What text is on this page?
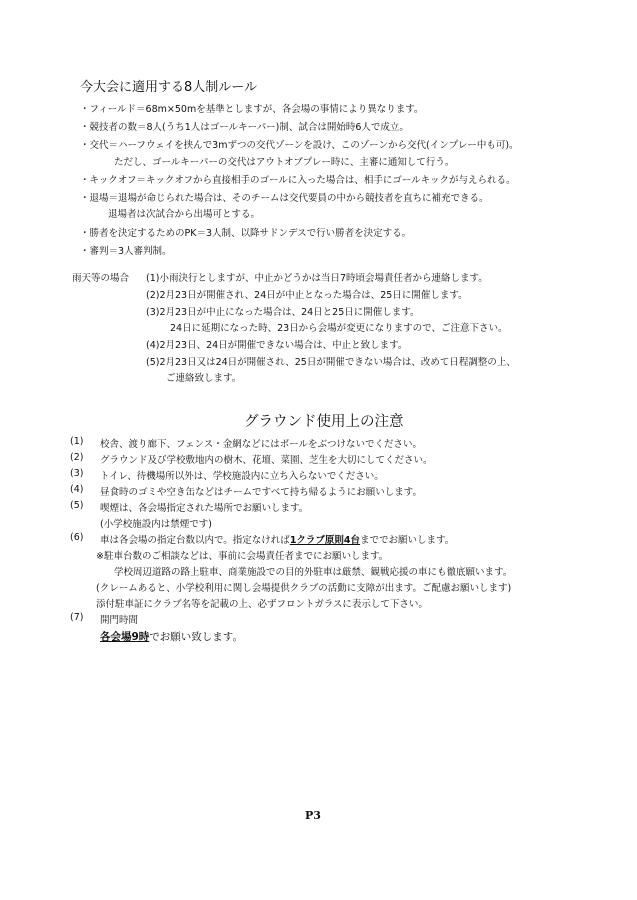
今大会に適用する8人制ルール
・フィールド＝68m×50mを基準としますが、各会場の事情により異なります。
・競技者の数＝8人(うち1人はゴールキーパー)制、試合は開始時6人で成立。
・交代＝ハーフウェイを挟んで3mずつの交代ゾーンを設け、このゾーンから交代(インプレー中も可)。
ただし、ゴールキーパーの交代はアウトオブプレー時に、主審に通知して行う。
・キックオフ＝キックオフから直接相手のゴールに入った場合は、相手にゴールキックが与えられる。
・退場＝退場が命じられた場合は、そのチームは交代要員の中から競技者を直ちに補充できる。
退場者は次試合から出場可とする。
・勝者を決定するためのPK＝3人制、以降サドンデスで行い勝者を決定する。
・審判＝3人審判制。
雨天等の場合 (1)小雨決行としますが、中止かどうかは当日7時頃会場責任者から連絡します。
(2)2月23日が開催され、24日が中止となった場合は、25日に開催します。
(3)2月23日が中止になった場合は、24日と25日に開催します。
24日に延期になった時、23日から会場が変更になりますので、ご注意下さい。
(4)2月23日、24日が開催できない場合は、中止と致します。
(5)2月23日又は24日が開催され、25日が開催できない場合は、改めて日程調整の上、
ご連絡致します。
グラウンド使用上の注意
(1) 校舎、渡り廊下、フェンス・金網などにはボールをぶつけないでください。
(2) グラウンド及び学校敷地内の樹木、花壇、菜園、芝生を大切にしてください。
(3) トイレ、待機場所以外は、学校施設内に立ち入らないでください。
(4) 昼食時のゴミや空き缶などはチームですべて持ち帰るようにお願いします。
(5) 喫煙は、各会場指定された場所でお願いします。
(小学校施設内は禁煙です)
(6) 車は各会場の指定台数以内で。指定なければ1クラブ原則4台まででお願いします。
※駐車台数のご相談などは、事前に会場責任者までにお願いします。
学校周辺道路の路上駐車、商業施設での目的外駐車は厳禁、観戦応援の車にも徹底願います。
(クレームあると、小学校利用に関し会場提供クラブの活動に支障が出ます。ご配慮お願いします)
添付駐車証にクラブ名等を記載の上、必ずフロントガラスに表示して下さい。
(7) 開門時間
各会場9時でお願い致します。
P3
